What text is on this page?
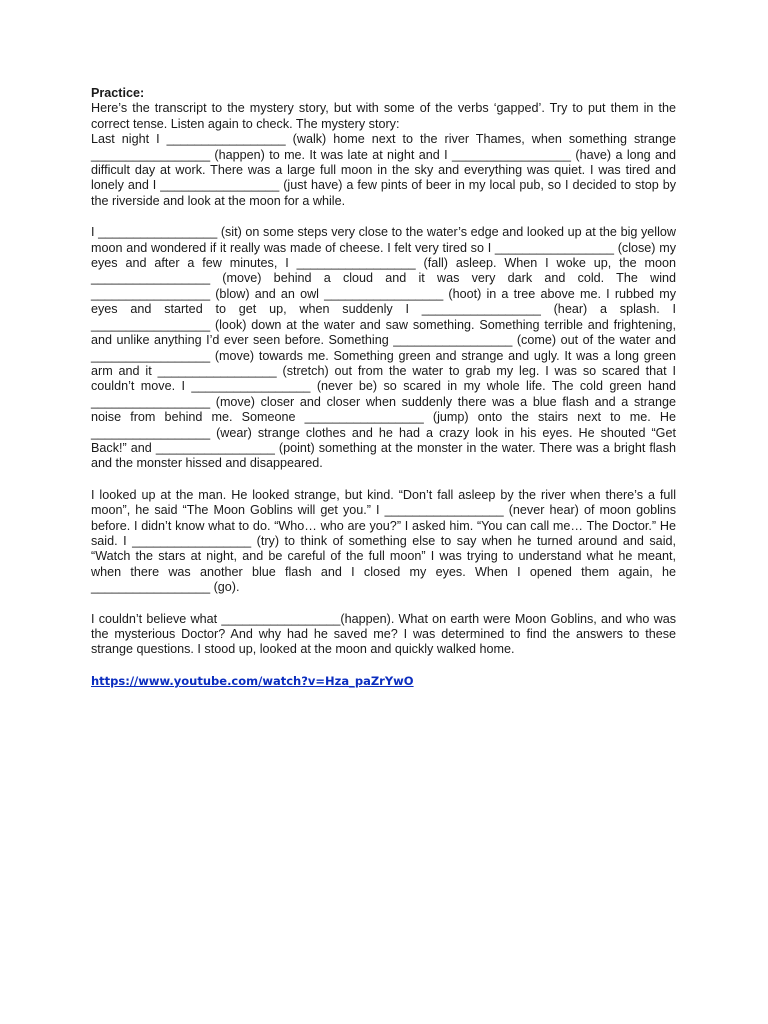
Practice:

Here’s the transcript to the mystery story, but with some of the verbs ‘gapped’. Try to put them in the correct tense. Listen again to check. The mystery story:

Last night I _________________ (walk) home next to the river Thames, when something strange _________________ (happen) to me. It was late at night and I _________________ (have) a long and difficult day at work. There was a large full moon in the sky and everything was quiet. I was tired and lonely and I _________________ (just have) a few pints of beer in my local pub, so I decided to stop by the riverside and look at the moon for a while.

I _________________ (sit) on some steps very close to the water’s edge and looked up at the big yellow moon and wondered if it really was made of cheese. I felt very tired so I _________________ (close) my eyes and after a few minutes, I _________________ (fall) asleep. When I woke up, the moon _________________ (move) behind a cloud and it was very dark and cold. The wind _________________ (blow) and an owl _________________ (hoot) in a tree above me. I rubbed my eyes and started to get up, when suddenly I _________________ (hear) a splash. I _________________ (look) down at the water and saw something. Something terrible and frightening, and unlike anything I’d ever seen before. Something _________________ (come) out of the water and _________________ (move) towards me. Something green and strange and ugly. It was a long green arm and it _________________ (stretch) out from the water to grab my leg. I was so scared that I couldn’t move. I _________________ (never be) so scared in my whole life. The cold green hand _________________ (move) closer and closer when suddenly there was a blue flash and a strange noise from behind me. Someone _________________ (jump) onto the stairs next to me. He _________________ (wear) strange clothes and he had a crazy look in his eyes. He shouted “Get Back!” and _________________ (point) something at the monster in the water. There was a bright flash and the monster hissed and disappeared.

I looked up at the man. He looked strange, but kind. “Don’t fall asleep by the river when there’s a full moon”, he said “The Moon Goblins will get you.” I _________________ (never hear) of moon goblins before. I didn’t know what to do. “Who… who are you?” I asked him. “You can call me… The Doctor.” He said. I _________________ (try) to think of something else to say when he turned around and said, “Watch the stars at night, and be careful of the full moon” I was trying to understand what he meant, when there was another blue flash and I closed my eyes. When I opened them again, he _________________ (go).

I couldn’t believe what _________________(happen). What on earth were Moon Goblins, and who was the mysterious Doctor? And why had he saved me? I was determined to find the answers to these strange questions. I stood up, looked at the moon and quickly walked home.

https://www.youtube.com/watch?v=Hza_paZrYwO
